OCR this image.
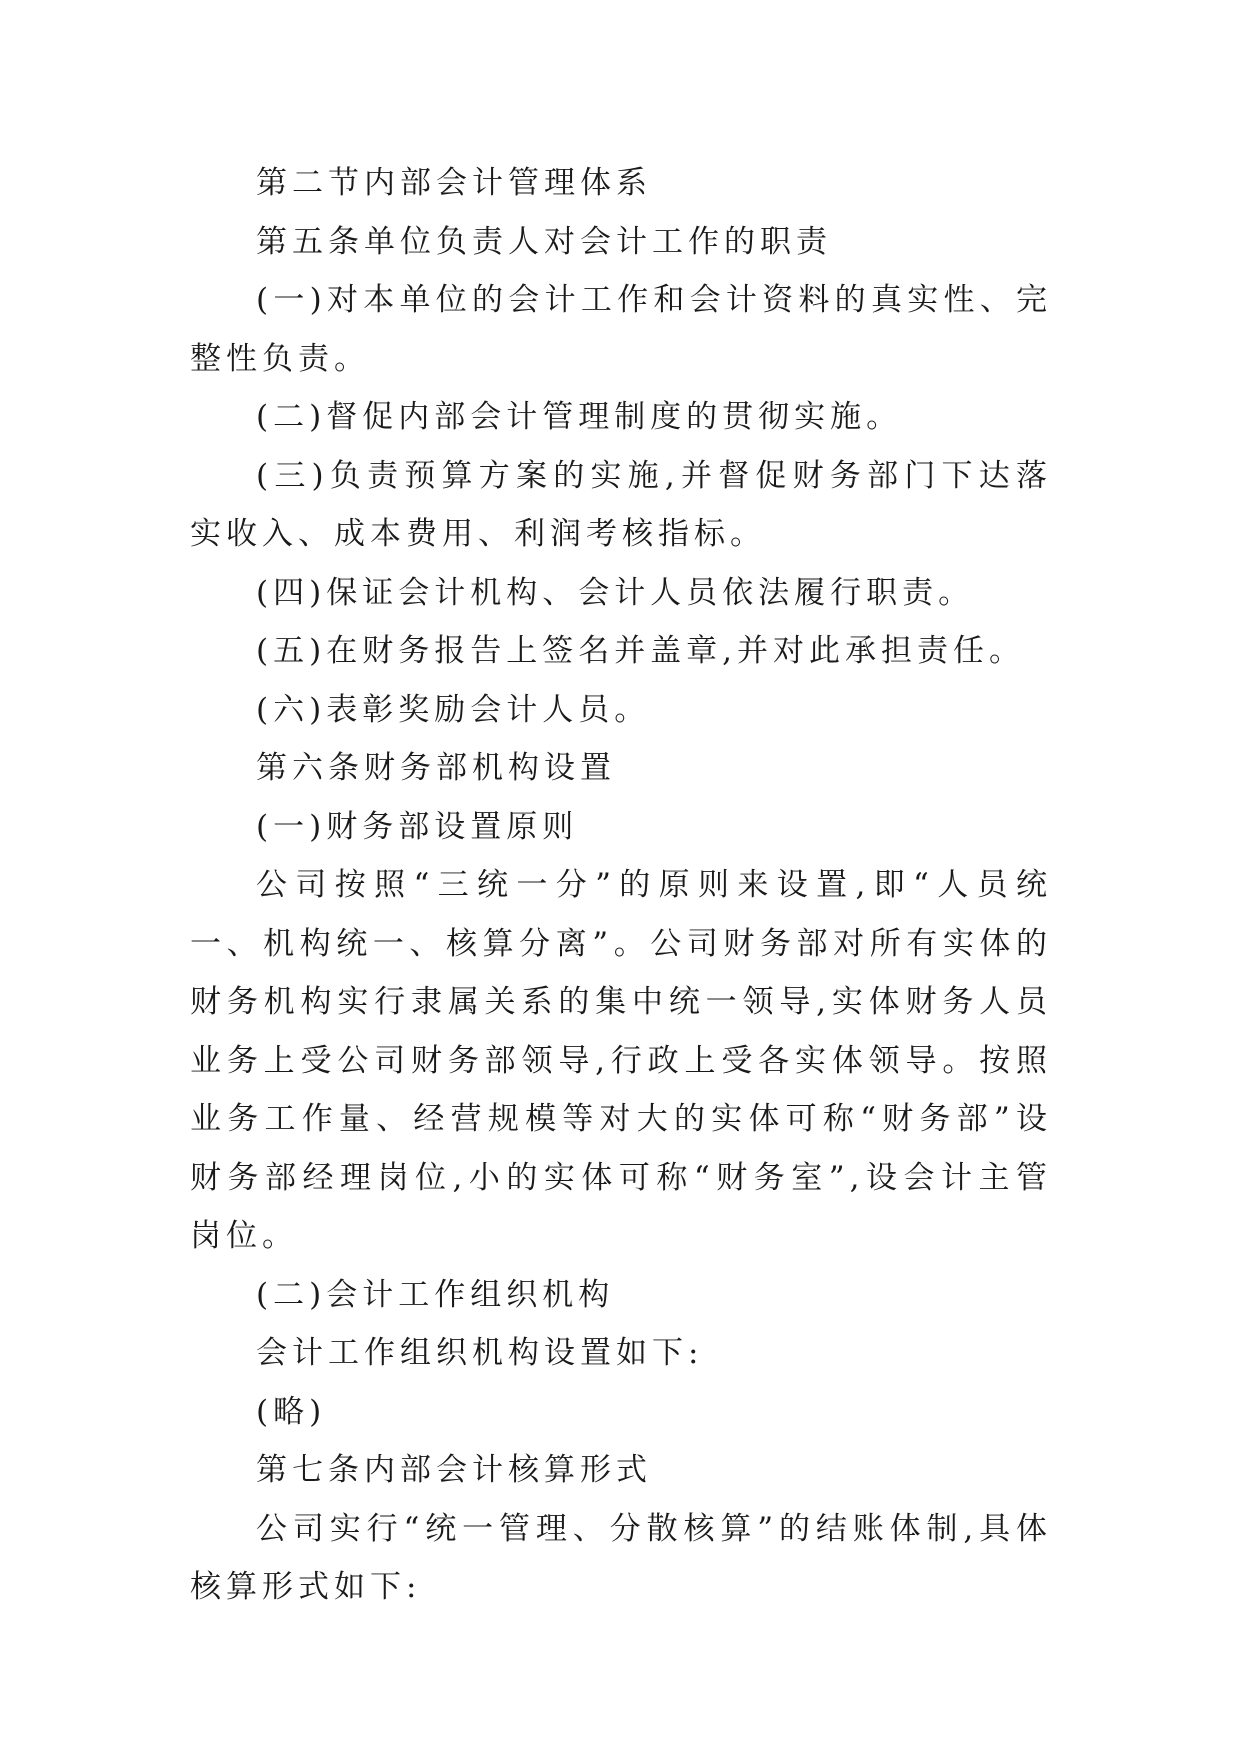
第二节内部会计管理体系

第五条单位负责人对会计工作的职责

(一)对本单位的会计工作和会计资料的真实性、完整性负责。

(二)督促内部会计管理制度的贯彻实施。

(三)负责预算方案的实施,并督促财务部门下达落实收入、成本费用、利润考核指标。

(四)保证会计机构、会计人员依法履行职责。

(五)在财务报告上签名并盖章,并对此承担责任。

(六)表彰奖励会计人员。

第六条财务部机构设置

(一)财务部设置原则

公司按照“三统一分”的原则来设置,即“人员统一、机构统一、核算分离”。公司财务部对所有实体的财务机构实行隶属关系的集中统一领导,实体财务人员业务上受公司财务部领导,行政上受各实体领导。按照业务工作量、经营规模等对大的实体可称“财务部”设财务部经理岗位,小的实体可称“财务室”,设会计主管岗位。

(二)会计工作组织机构

会计工作组织机构设置如下:

(略)

第七条内部会计核算形式

公司实行“统一管理、分散核算”的结账体制,具体核算形式如下:
